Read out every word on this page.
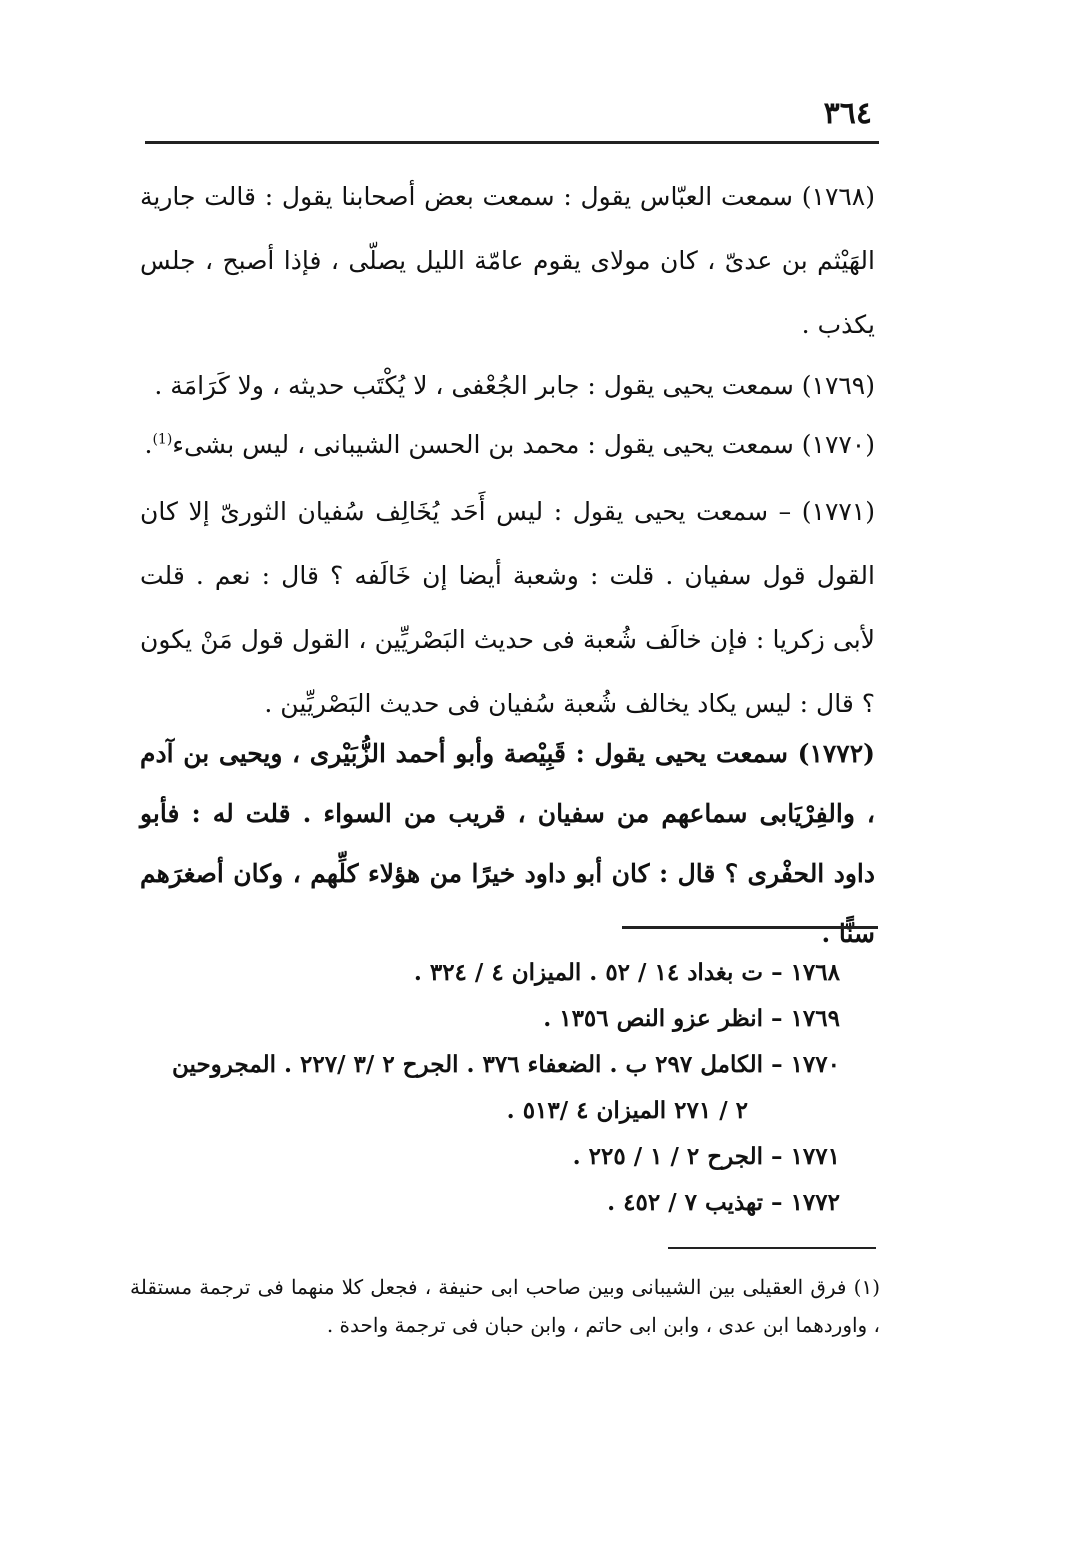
٣٦٤

(١٧٦٨) سمعت العبّاس يقول : سمعت بعض أصحابنا يقول : قالت جارية الهَيْثم بن عدىّ ، كان مولاى يقوم عامّة الليل يصلّى ، فإذا أصبح ، جلس يكذب .

(١٧٦٩) سمعت يحيى يقول : جابر الجُعْفى ، لا يُكْتَب حديثه ، ولا كَرَامَة .

(١٧٧٠) سمعت يحيى يقول : محمد بن الحسن الشيبانى ، ليس بشىء$^{(1)}$.

(١٧٧١) – سمعت يحيى يقول : ليس أَحَد يُخَالِف سُفيان الثورىّ إلا كان القول قول سفيان . قلت : وشعبة أيضا إن خَالَفه ؟ قال : نعم . قلت لأبى زكريا : فإن خالَف شُعبة فى حديث البَصْريِّين ، القول قول مَنْ يكون ؟ قال : ليس يكاد يخالف شُعبة سُفيان فى حديث البَصْريِّين .

(١٧٧٢) سمعت يحيى يقول : قَبِيْصة وأبو أحمد الزُّبَيْرى ، ويحيى بن آدم ، والفِرْيَابى سماعهم من سفيان ، قريب من السواء . قلت له : فأبو داود الحفْرى ؟ قال : كان أبو داود خيرًا من هؤلاء كلِّهم ، وكان أصغرَهم سنًّا .

١٧٦٨ – ت بغداد ١٤ / ٥٢ . الميزان ٤ / ٣٢٤ .

١٧٦٩ – انظر عزو النص ١٣٥٦ .

١٧٧٠ – الكامل ٢٩٧ ب . الضعفاء ٣٧٦ . الجرح ٢ /٣ /٢٢٧ . المجروحين

٢ / ٢٧١ الميزان ٤ /٥١٣ .

١٧٧١ – الجرح ٢ / ١ / ٢٢٥ .

١٧٧٢ – تهذيب ٧ / ٤٥٢ .

(١) فرق العقيلى بين الشيبانى وبين صاحب ابى حنيفة ، فجعل كلا منهما فى ترجمة مستقلة ، واوردهما ابن عدى ، وابن ابى حاتم ، وابن حبان فى ترجمة واحدة .
